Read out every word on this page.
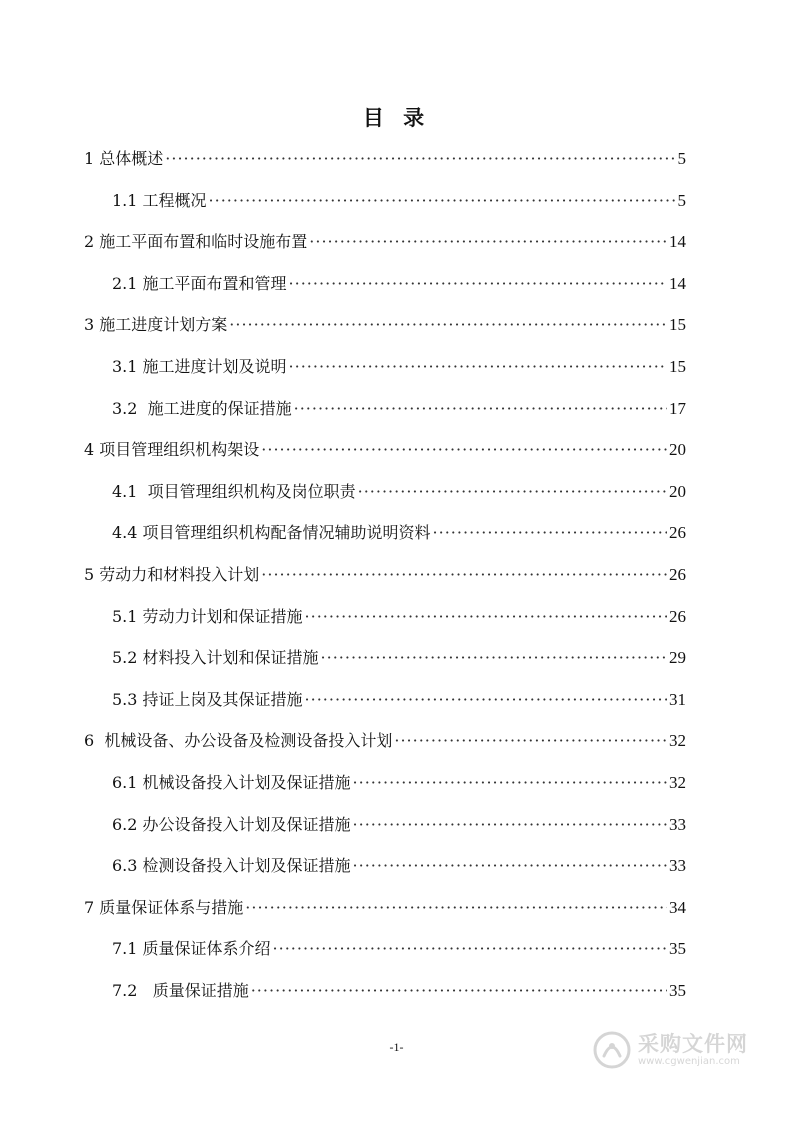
目 录
1 总体概述 ·····	5
1.1 工程概况 ·····	5
2 施工平面布置和临时设施布置 ·····	14
2.1 施工平面布置和管理 ·····	14
3 施工进度计划方案 ·····	15
3.1 施工进度计划及说明 ·····	15
3.2  施工进度的保证措施 ·····	17
4 项目管理组织机构架设 ·····	20
4.1  项目管理组织机构及岗位职责 ·····	20
4.4 项目管理组织机构配备情况辅助说明资料 ·····	26
5 劳动力和材料投入计划 ·····	26
5.1 劳动力计划和保证措施 ·····	26
5.2 材料投入计划和保证措施 ·····	29
5.3 持证上岗及其保证措施 ·····	31
6  机械设备、办公设备及检测设备投入计划 ·····	32
6.1 机械设备投入计划及保证措施 ·····	32
6.2 办公设备投入计划及保证措施 ·····	33
6.3 检测设备投入计划及保证措施 ·····	33
7 质量保证体系与措施 ·····	34
7.1 质量保证体系介绍 ·····	35
7.2   质量保证措施 ·····	35
-1-	采购文件网
www.cgwenjian.com
